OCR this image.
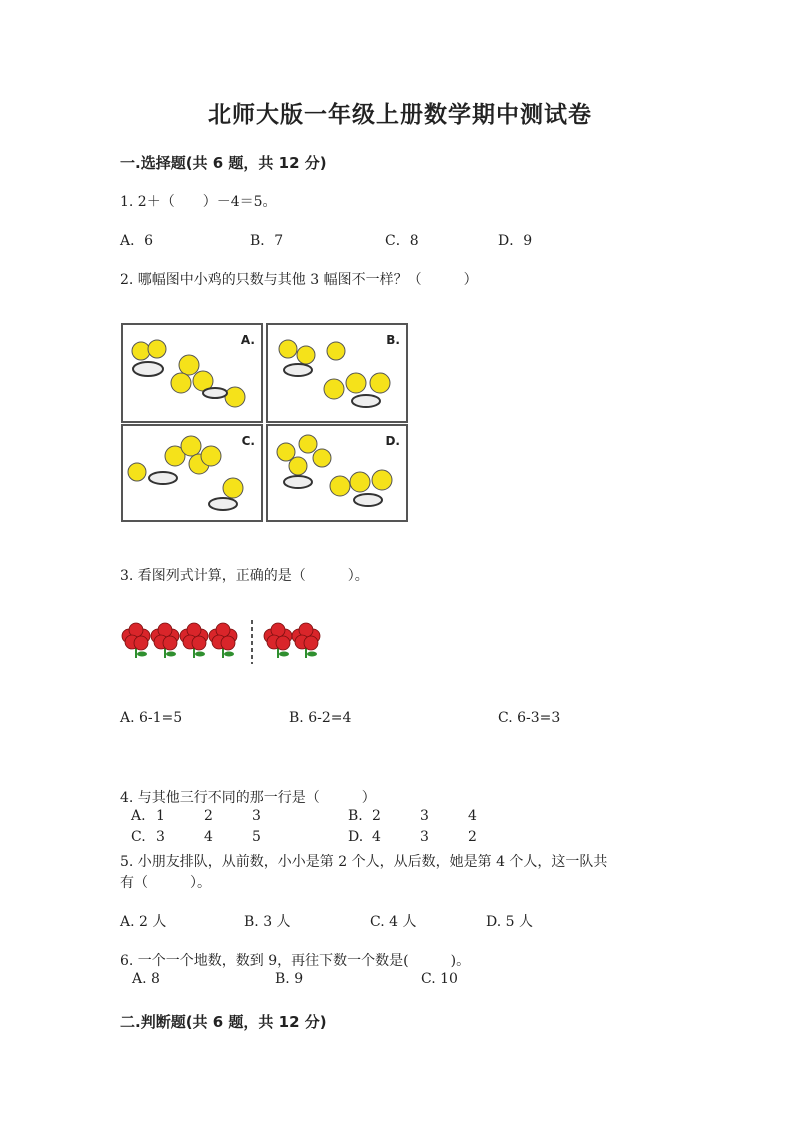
北师大版一年级上册数学期中测试卷
一.选择题(共 6 题，共 12 分)
1. 2＋（　　）－4＝5。
A．6	B．7	C．8	D．9
2. 哪幅图中小鸡的只数与其他 3 幅图不一样？（　　　）
A.	B.
C.	D.
3. 看图列式计算，正确的是（　　　）。
A. 6-1=5	B. 6-2=4	C. 6-3=3
4. 与其他三行不同的那一行是（　　　）
A. 1	2	3	B. 2	3	4
C. 3	4	5	D. 4	3	2
5. 小朋友排队，从前数，小小是第 2 个人，从后数，她是第 4 个人，这一队共
有（　　　）。
A. 2 人	B. 3 人	C. 4 人	D. 5 人
6. 一个一个地数，数到 9，再往下数一个数是(　　　)。
A. 8	B. 9	C. 10
二.判断题(共 6 题，共 12 分)
